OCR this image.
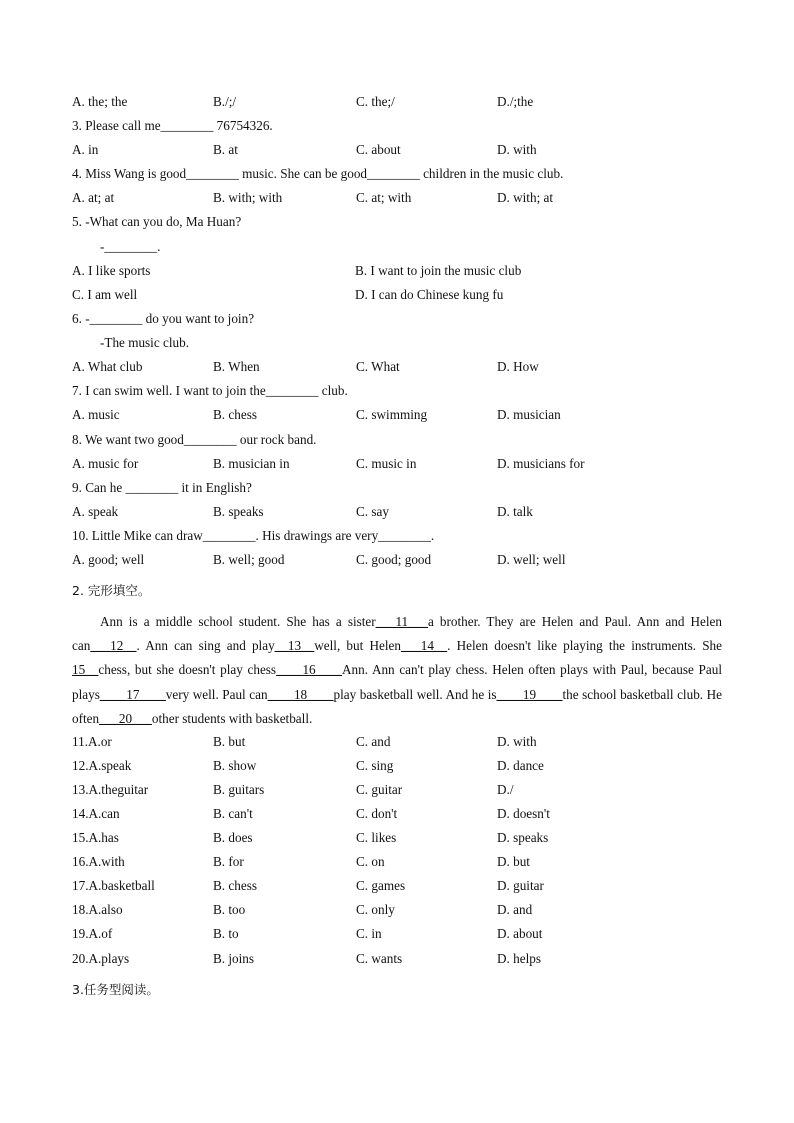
A. the; the	B./;/	C. the;/	D./;the
3. Please call me________ 76754326.
A. in	B. at	C. about	D. with
4. Miss Wang is good________ music. She can be good________ children in the music club.
A. at; at	B. with; with	C. at; with	D. with; at
5. -What can you do, Ma Huan?
-________.
A. I like sports	B. I want to join the music club
C. I am well	D. I can do Chinese kung fu
6. -________ do you want to join?
-The music club.
A. What club	B. When	C. What	D. How
7. I can swim well. I want to join the________ club.
A. music	B. chess	C. swimming	D. musician
8. We want two good________ our rock band.
A. music for	B. musician in	C. music in	D. musicians for
9. Can he ________ it in English?
A. speak	B. speaks	C. say	D. talk
10. Little Mike can draw________. His drawings are very________.
A. good; well	B. well; good	C. good; good	D. well; well
2. 完形填空。
Ann is a middle school student. She has a sister___11___a brother. They are Helen and Paul. Ann and Helen can___12__. Ann can sing and play__13__well, but Helen___14__. Helen doesn't like playing the instruments. She 15__chess, but she doesn't play chess____16____Ann. Ann can't play chess. Helen often plays with Paul, because Paul plays____17____very well. Paul can____18____play basketball well. And he is____19____the school basketball club. He often___20___other students with basketball.
11.A.or	B. but	C. and	D. with
12.A.speak	B. show	C. sing	D. dance
13.A.theguitar	B. guitars	C. guitar	D./
14.A.can	B. can't	C. don't	D. doesn't
15.A.has	B. does	C. likes	D. speaks
16.A.with	B. for	C. on	D. but
17.A.basketball	B. chess	C. games	D. guitar
18.A.also	B. too	C. only	D. and
19.A.of	B. to	C. in	D. about
20.A.plays	B. joins	C. wants	D. helps
3.任务型阅读。
